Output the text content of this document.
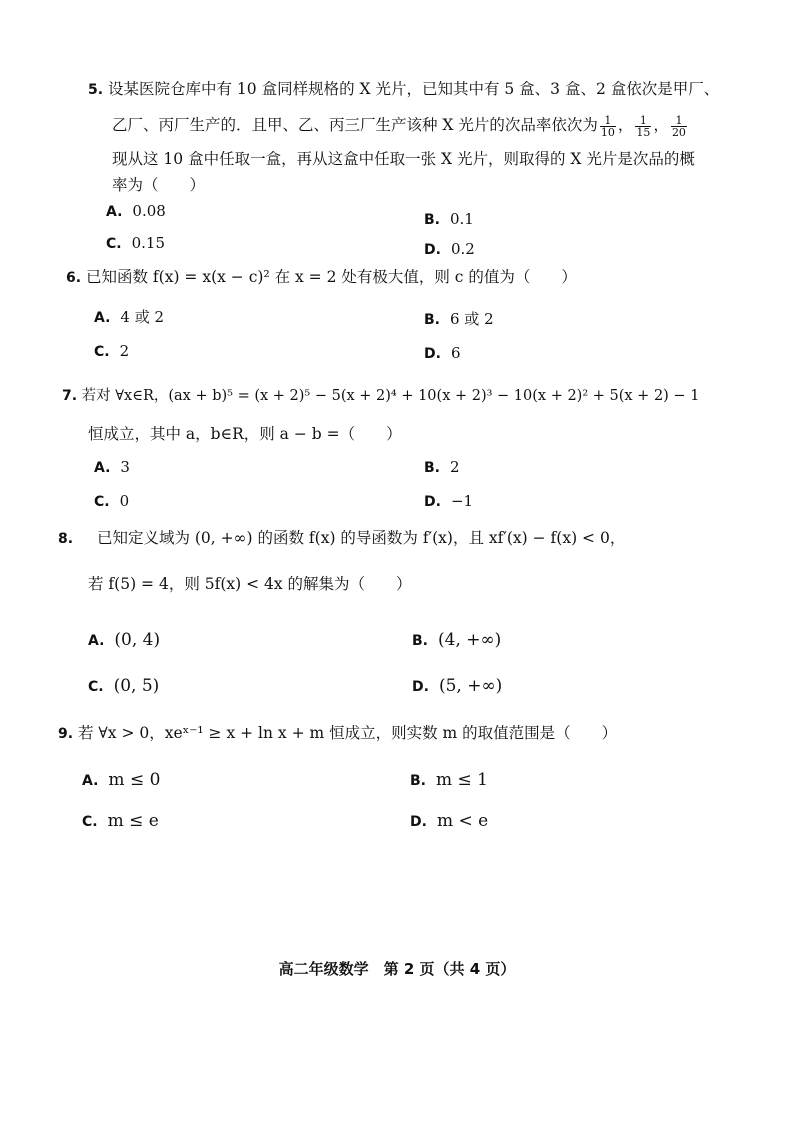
5. 设某医院仓库中有 10 盒同样规格的 X 光片，已知其中有 5 盒、3 盒、2 盒依次是甲厂、
乙厂、丙厂生产的．且甲、乙、丙三厂生产该种 X 光片的次品率依次为 $\frac{1}{10}$ ， $\frac{1}{15}$ ， $\frac{1}{20}$
现从这 10 盒中任取一盒，再从这盒中任取一张 X 光片，则取得的 X 光片是次品的概
率为（　　）
A. 0.08	B. 0.1
C. 0.15	D. 0.2
6. 已知函数 f(x) = x(x − c)² 在 x = 2 处有极大值，则 c 的值为（　　）
A. 4 或 2	B. 6 或 2
C. 2	D. 6
7. 若对 ∀x∈R，(ax + b)⁵ = (x + 2)⁵ − 5(x + 2)⁴ + 10(x + 2)³ − 10(x + 2)² + 5(x + 2) − 1
恒成立，其中 a，b∈R，则 a − b =（　　）
A. 3	B. 2
C. 0	D. −1
8. 已知定义域为 (0, +∞) 的函数 f(x) 的导函数为 f′(x)，且 xf′(x) − f(x) < 0，
若 f(5) = 4，则 5f(x) < 4x 的解集为（　　）
A. (0, 4)	B. (4, +∞)
C. (0, 5)	D. (5, +∞)
9. 若 ∀x > 0，xeˣ⁻¹ ≥ x + ln x + m 恒成立，则实数 m 的取值范围是（　　）
A. m ≤ 0	B. m ≤ 1
C. m ≤ e	D. m < e
高二年级数学　第 2 页（共 4 页）
